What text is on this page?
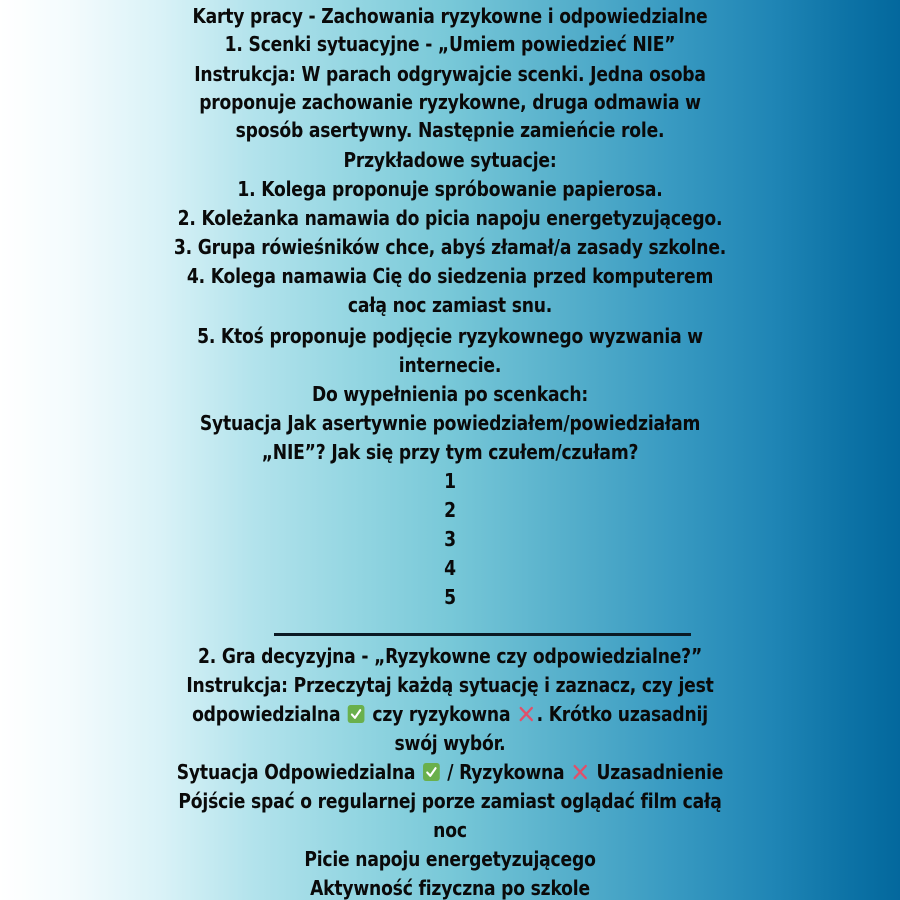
Karty pracy - Zachowania ryzykowne i odpowiedzialne
1. Scenki sytuacyjne - „Umiem powiedzieć NIE”
Instrukcja: W parach odgrywajcie scenki. Jedna osoba
proponuje zachowanie ryzykowne, druga odmawia w
sposób asertywny. Następnie zamieńcie role.
Przykładowe sytuacje:
1. Kolega proponuje spróbowanie papierosa.
2. Koleżanka namawia do picia napoju energetyzującego.
3. Grupa rówieśników chce, abyś złamał/a zasady szkolne.
4. Kolega namawia Cię do siedzenia przed komputerem
całą noc zamiast snu.
5. Ktoś proponuje podjęcie ryzykownego wyzwania w
internecie.
Do wypełnienia po scenkach:
Sytuacja Jak asertywnie powiedziałem/powiedziałam
„NIE”? Jak się przy tym czułem/czułam?
1
2
3
4
5
2. Gra decyzyjna - „Ryzykowne czy odpowiedzialne?”
Instrukcja: Przeczytaj każdą sytuację i zaznacz, czy jest
odpowiedzialna czy ryzykowna . Krótko uzasadnij
swój wybór.
Sytuacja Odpowiedzialna / Ryzykowna Uzasadnienie
Pójście spać o regularnej porze zamiast oglądać film całą
noc
Picie napoju energetyzującego
Aktywność fizyczna po szkole
